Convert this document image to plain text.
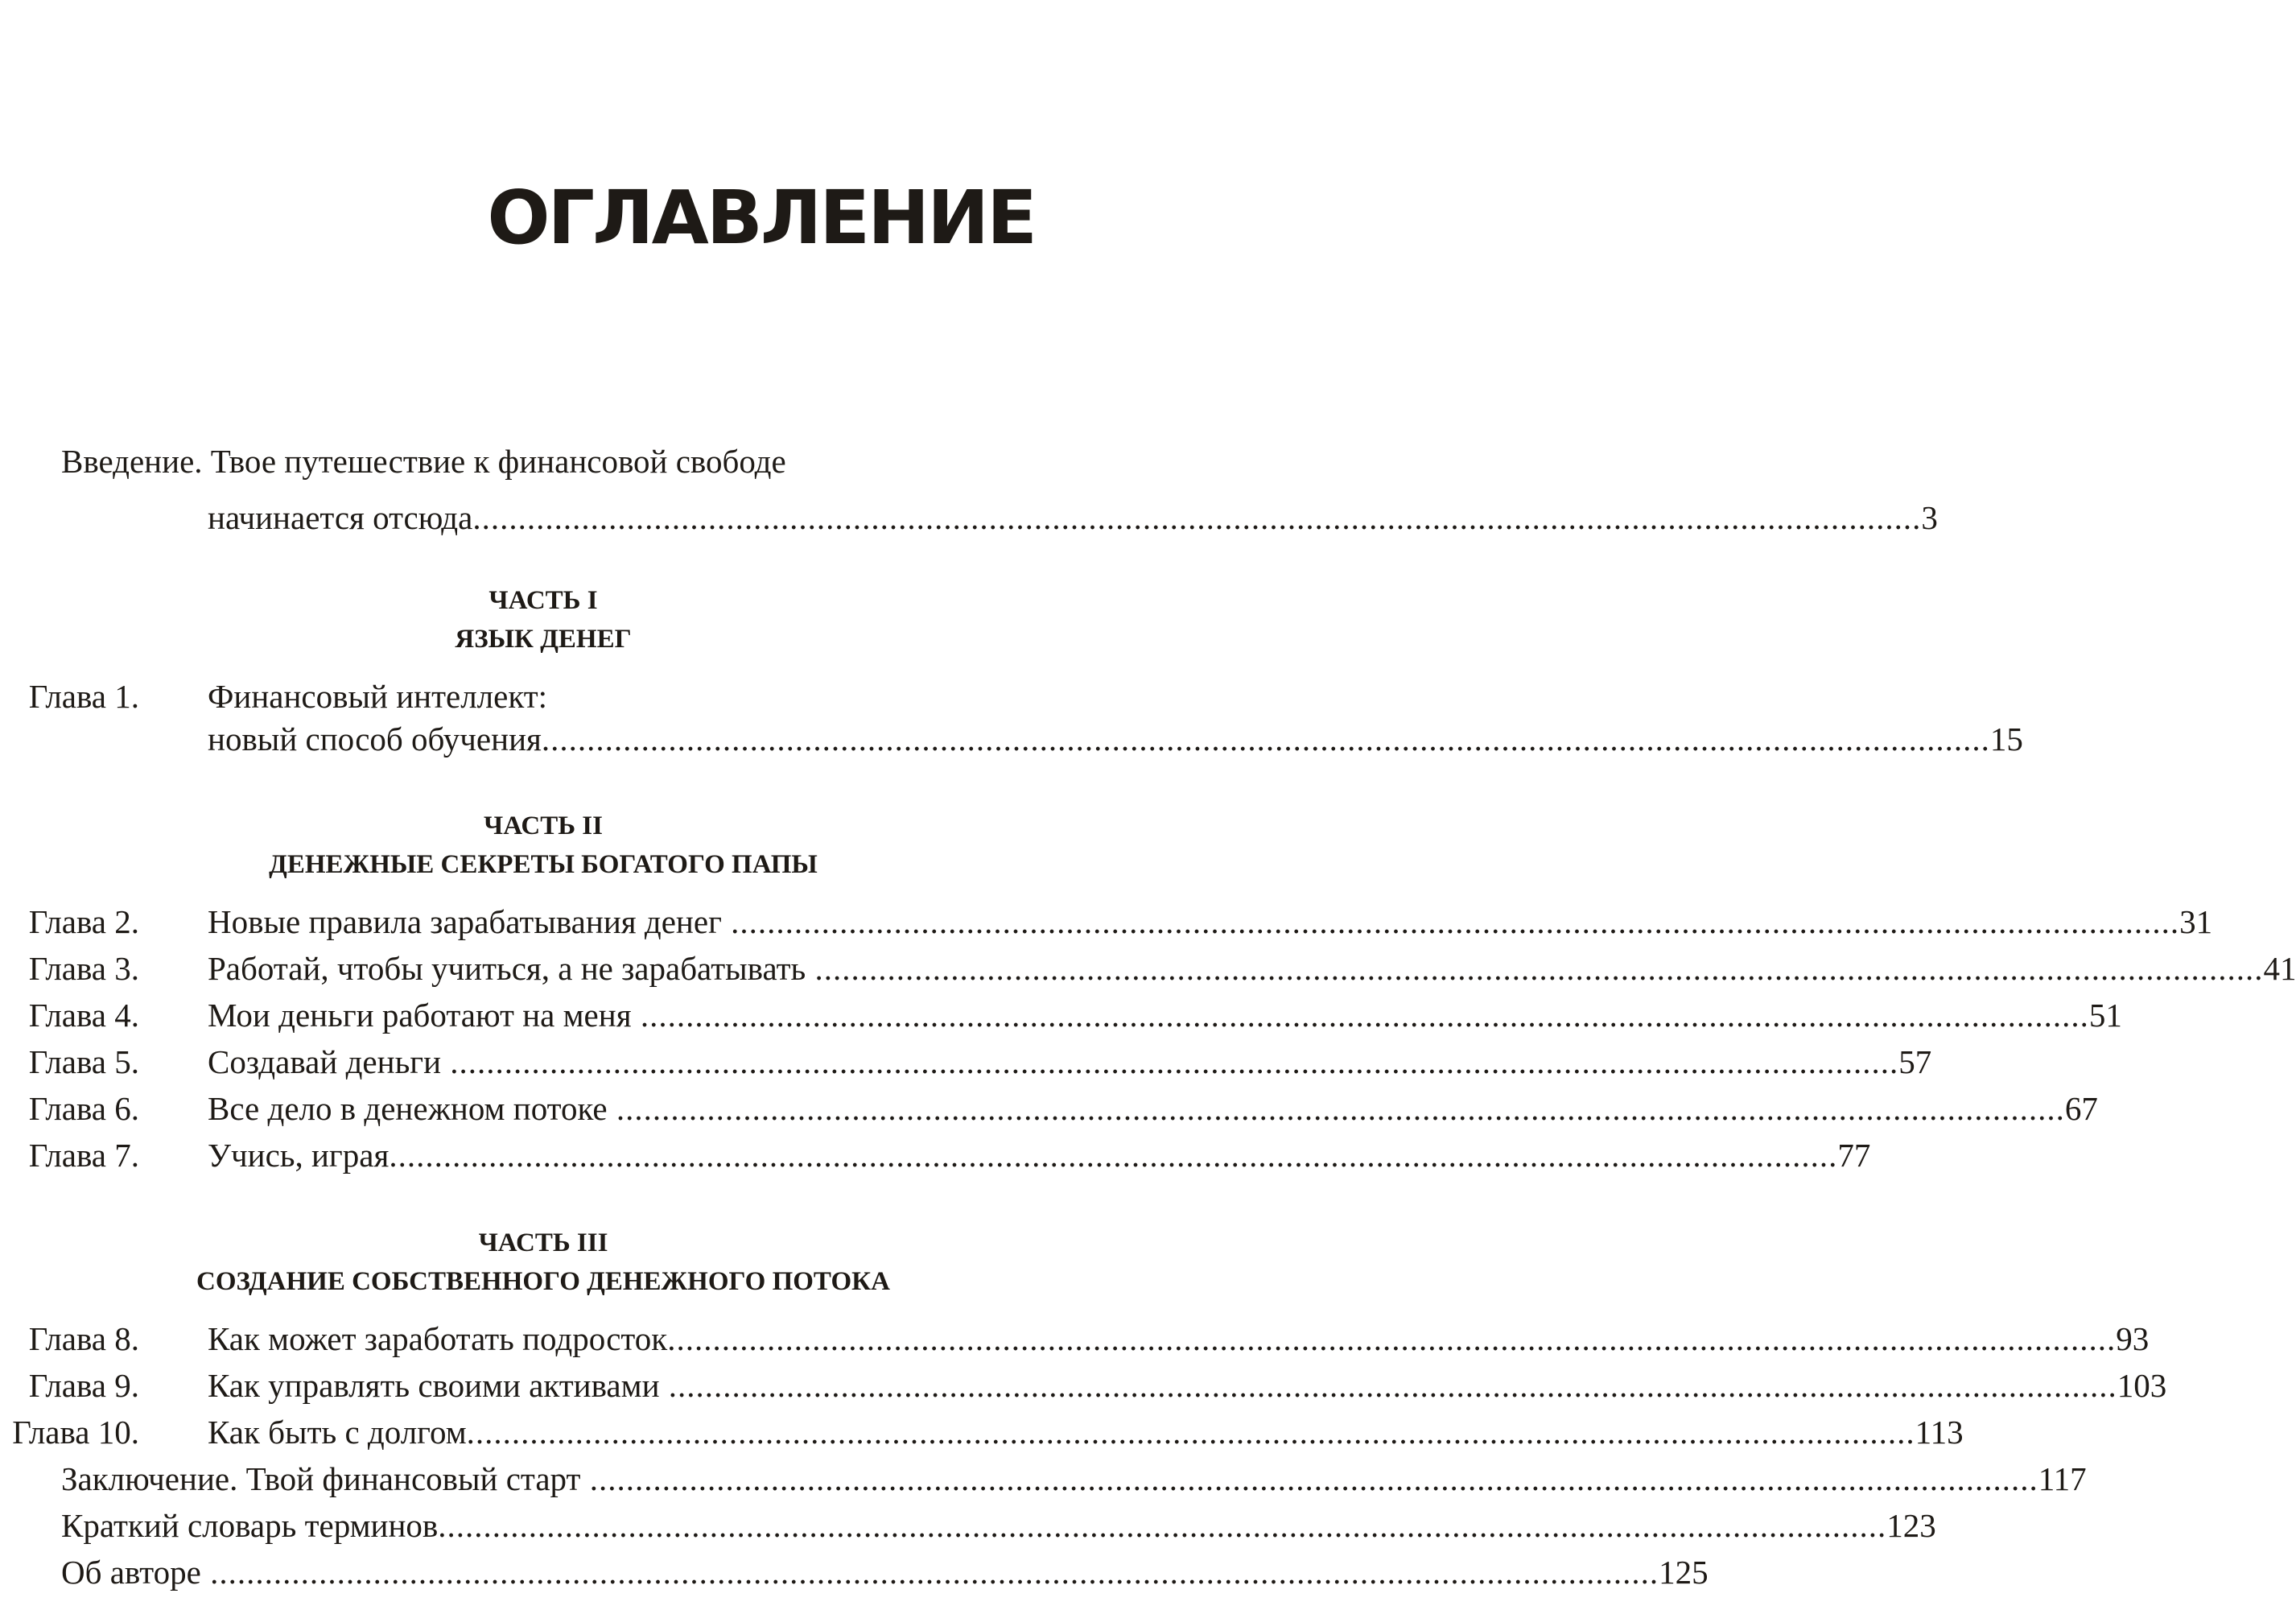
ОГЛАВЛЕНИЕ
Введение. Твое путешествие к финансовой свободе
начинается отсюда ................................................................................................................................................................ 3
ЧАСТЬ I
ЯЗЫК ДЕНЕГ
Глава 1. Финансовый интеллект:
новый способ обучения ................................................................................................................................................................ 15
ЧАСТЬ II
ДЕНЕЖНЫЕ СЕКРЕТЫ БОГАТОГО ПАПЫ
Глава 2. Новые правила зарабатывания денег ................................................................................................................................................................ 31
Глава 3. Работай, чтобы учиться, а не зарабатывать ................................................................................................................................................................ 41
Глава 4. Мои деньги работают на меня ................................................................................................................................................................ 51
Глава 5. Создавай деньги ................................................................................................................................................................ 57
Глава 6. Все дело в денежном потоке ................................................................................................................................................................ 67
Глава 7. Учись, играя ................................................................................................................................................................ 77
ЧАСТЬ III
СОЗДАНИЕ СОБСТВЕННОГО ДЕНЕЖНОГО ПОТОКА
Глава 8. Как может заработать подросток ................................................................................................................................................................ 93
Глава 9. Как управлять своими активами ................................................................................................................................................................ 103
Глава 10. Как быть с долгом ................................................................................................................................................................ 113
Заключение. Твой финансовый старт ................................................................................................................................................................ 117
Краткий словарь терминов ................................................................................................................................................................ 123
Об авторе ................................................................................................................................................................ 125
